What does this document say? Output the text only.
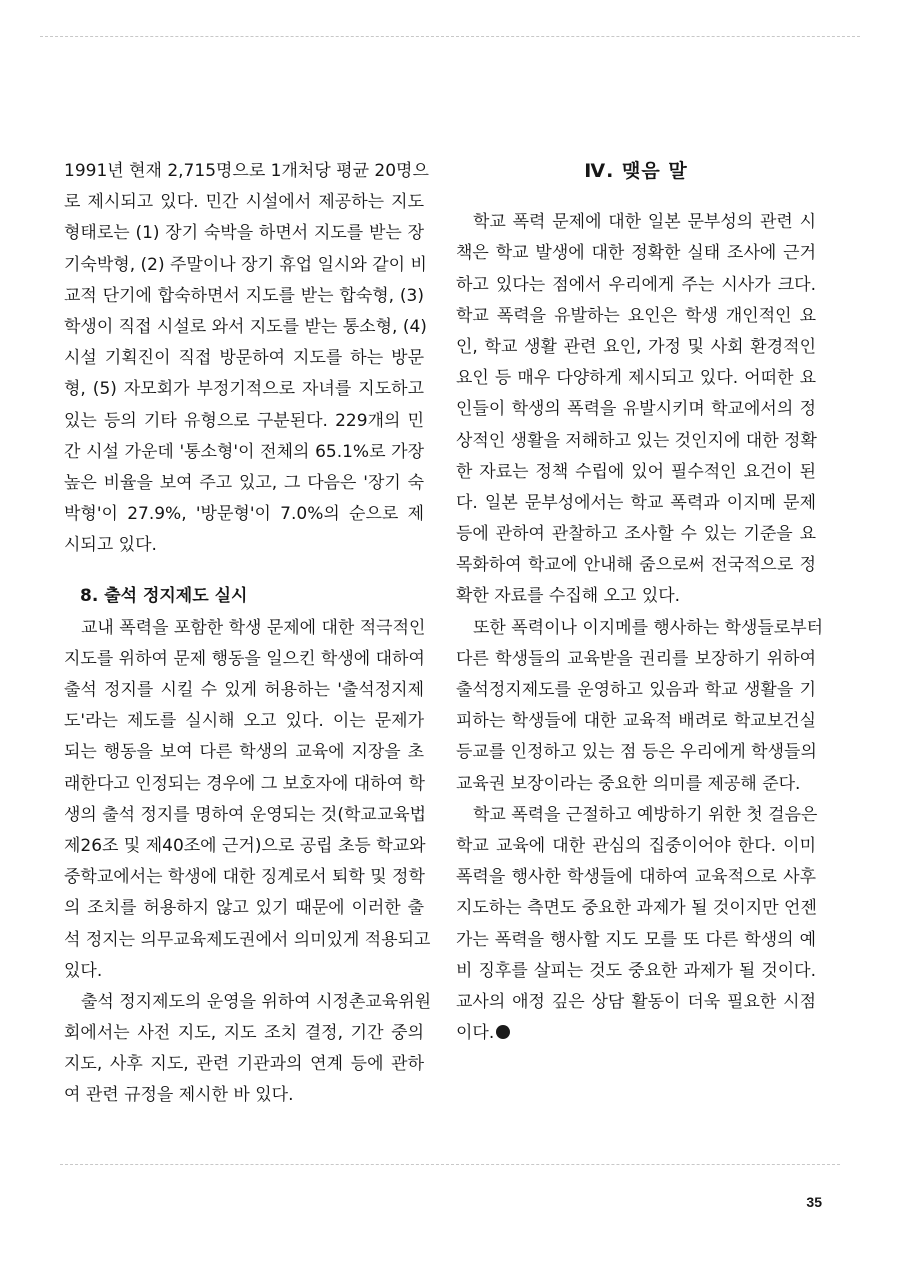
1991년 현재 2,715명으로 1개처당 평균 20명으
로 제시되고 있다. 민간 시설에서 제공하는 지도
형태로는 (1) 장기 숙박을 하면서 지도를 받는 장
기숙박형, (2) 주말이나 장기 휴업 일시와 같이 비
교적 단기에 합숙하면서 지도를 받는 합숙형, (3)
학생이 직접 시설로 와서 지도를 받는 통소형, (4)
시설 기획진이 직접 방문하여 지도를 하는 방문
형, (5) 자모회가 부정기적으로 자녀를 지도하고
있는 등의 기타 유형으로 구분된다. 229개의 민
간 시설 가운데 '통소형'이 전체의 65.1%로 가장
높은 비율을 보여 주고 있고, 그 다음은 '장기 숙
박형'이 27.9%, '방문형'이 7.0%의 순으로 제
시되고 있다.
8. 출석 정지제도 실시
교내 폭력을 포함한 학생 문제에 대한 적극적인
지도를 위하여 문제 행동을 일으킨 학생에 대하여
출석 정지를 시킬 수 있게 허용하는 '출석정지제
도'라는 제도를 실시해 오고 있다. 이는 문제가
되는 행동을 보여 다른 학생의 교육에 지장을 초
래한다고 인정되는 경우에 그 보호자에 대하여 학
생의 출석 정지를 명하여 운영되는 것(학교교육법
제26조 및 제40조에 근거)으로 공립 초등 학교와
중학교에서는 학생에 대한 징계로서 퇴학 및 정학
의 조치를 허용하지 않고 있기 때문에 이러한 출
석 정지는 의무교육제도권에서 의미있게 적용되고
있다.
출석 정지제도의 운영을 위하여 시정촌교육위원
회에서는 사전 지도, 지도 조치 결정, 기간 중의
지도, 사후 지도, 관련 기관과의 연계 등에 관하
여 관련 규정을 제시한 바 있다.
Ⅳ. 맺음 말
학교 폭력 문제에 대한 일본 문부성의 관련 시
책은 학교 발생에 대한 정확한 실태 조사에 근거
하고 있다는 점에서 우리에게 주는 시사가 크다.
학교 폭력을 유발하는 요인은 학생 개인적인 요
인, 학교 생활 관련 요인, 가정 및 사회 환경적인
요인 등 매우 다양하게 제시되고 있다. 어떠한 요
인들이 학생의 폭력을 유발시키며 학교에서의 정
상적인 생활을 저해하고 있는 것인지에 대한 정확
한 자료는 정책 수립에 있어 필수적인 요건이 된
다. 일본 문부성에서는 학교 폭력과 이지메 문제
등에 관하여 관찰하고 조사할 수 있는 기준을 요
목화하여 학교에 안내해 줌으로써 전국적으로 정
확한 자료를 수집해 오고 있다.
또한 폭력이나 이지메를 행사하는 학생들로부터
다른 학생들의 교육받을 권리를 보장하기 위하여
출석정지제도를 운영하고 있음과 학교 생활을 기
피하는 학생들에 대한 교육적 배려로 학교보건실
등교를 인정하고 있는 점 등은 우리에게 학생들의
교육권 보장이라는 중요한 의미를 제공해 준다.
학교 폭력을 근절하고 예방하기 위한 첫 걸음은
학교 교육에 대한 관심의 집중이어야 한다. 이미
폭력을 행사한 학생들에 대하여 교육적으로 사후
지도하는 측면도 중요한 과제가 될 것이지만 언젠
가는 폭력을 행사할 지도 모를 또 다른 학생의 예
비 징후를 살피는 것도 중요한 과제가 될 것이다.
교사의 애정 깊은 상담 활동이 더욱 필요한 시점
이다.
35
